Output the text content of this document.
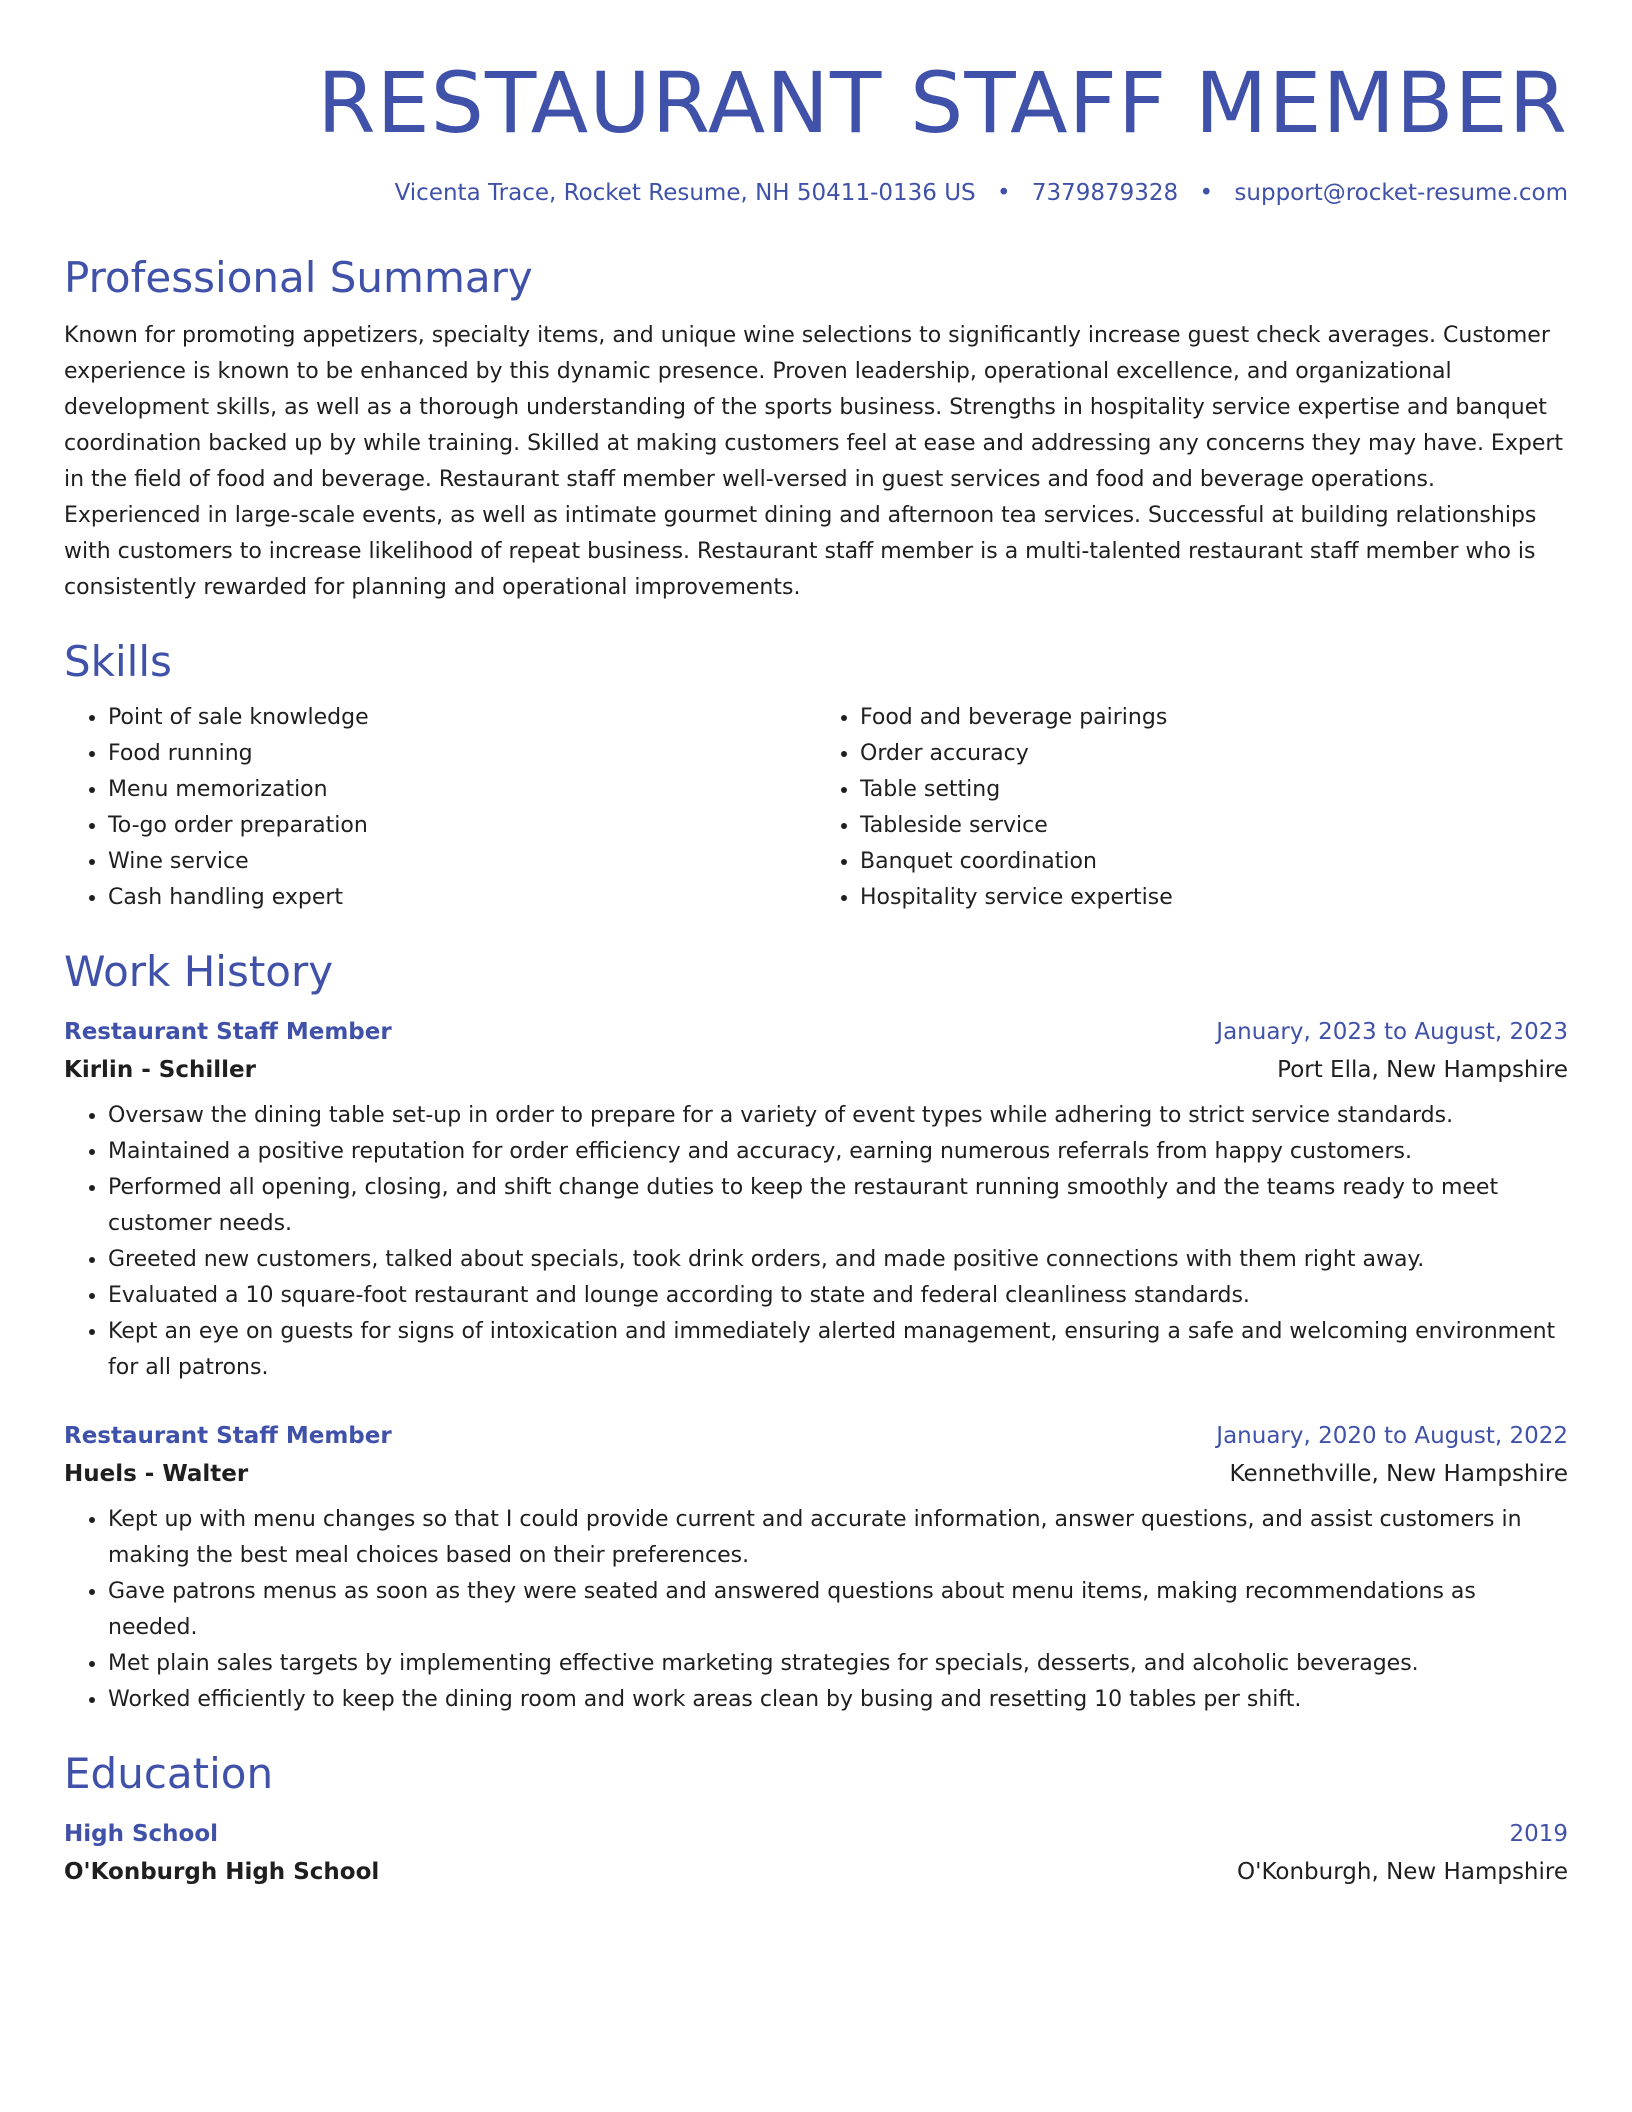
RESTAURANT STAFF MEMBER
Vicenta Trace, Rocket Resume, NH 50411-0136 US • 7379879328 • support@rocket-resume.com
Professional Summary
Known for promoting appetizers, specialty items, and unique wine selections to significantly increase guest check averages. Customer experience is known to be enhanced by this dynamic presence. Proven leadership, operational excellence, and organizational development skills, as well as a thorough understanding of the sports business. Strengths in hospitality service expertise and banquet coordination backed up by while training. Skilled at making customers feel at ease and addressing any concerns they may have. Expert in the field of food and beverage. Restaurant staff member well-versed in guest services and food and beverage operations. Experienced in large-scale events, as well as intimate gourmet dining and afternoon tea services. Successful at building relationships with customers to increase likelihood of repeat business. Restaurant staff member is a multi-talented restaurant staff member who is consistently rewarded for planning and operational improvements.
Skills
• Point of sale knowledge
• Food running
• Menu memorization
• To-go order preparation
• Wine service
• Cash handling expert
• Food and beverage pairings
• Order accuracy
• Table setting
• Tableside service
• Banquet coordination
• Hospitality service expertise
Work History
Restaurant Staff Member	January, 2023 to August, 2023
Kirlin - Schiller	Port Ella, New Hampshire
• Oversaw the dining table set-up in order to prepare for a variety of event types while adhering to strict service standards.
• Maintained a positive reputation for order efficiency and accuracy, earning numerous referrals from happy customers.
• Performed all opening, closing, and shift change duties to keep the restaurant running smoothly and the teams ready to meet customer needs.
• Greeted new customers, talked about specials, took drink orders, and made positive connections with them right away.
• Evaluated a 10 square-foot restaurant and lounge according to state and federal cleanliness standards.
• Kept an eye on guests for signs of intoxication and immediately alerted management, ensuring a safe and welcoming environment for all patrons.
Restaurant Staff Member	January, 2020 to August, 2022
Huels - Walter	Kennethville, New Hampshire
• Kept up with menu changes so that I could provide current and accurate information, answer questions, and assist customers in making the best meal choices based on their preferences.
• Gave patrons menus as soon as they were seated and answered questions about menu items, making recommendations as needed.
• Met plain sales targets by implementing effective marketing strategies for specials, desserts, and alcoholic beverages.
• Worked efficiently to keep the dining room and work areas clean by busing and resetting 10 tables per shift.
Education
High School	2019
O'Konburgh High School	O'Konburgh, New Hampshire
